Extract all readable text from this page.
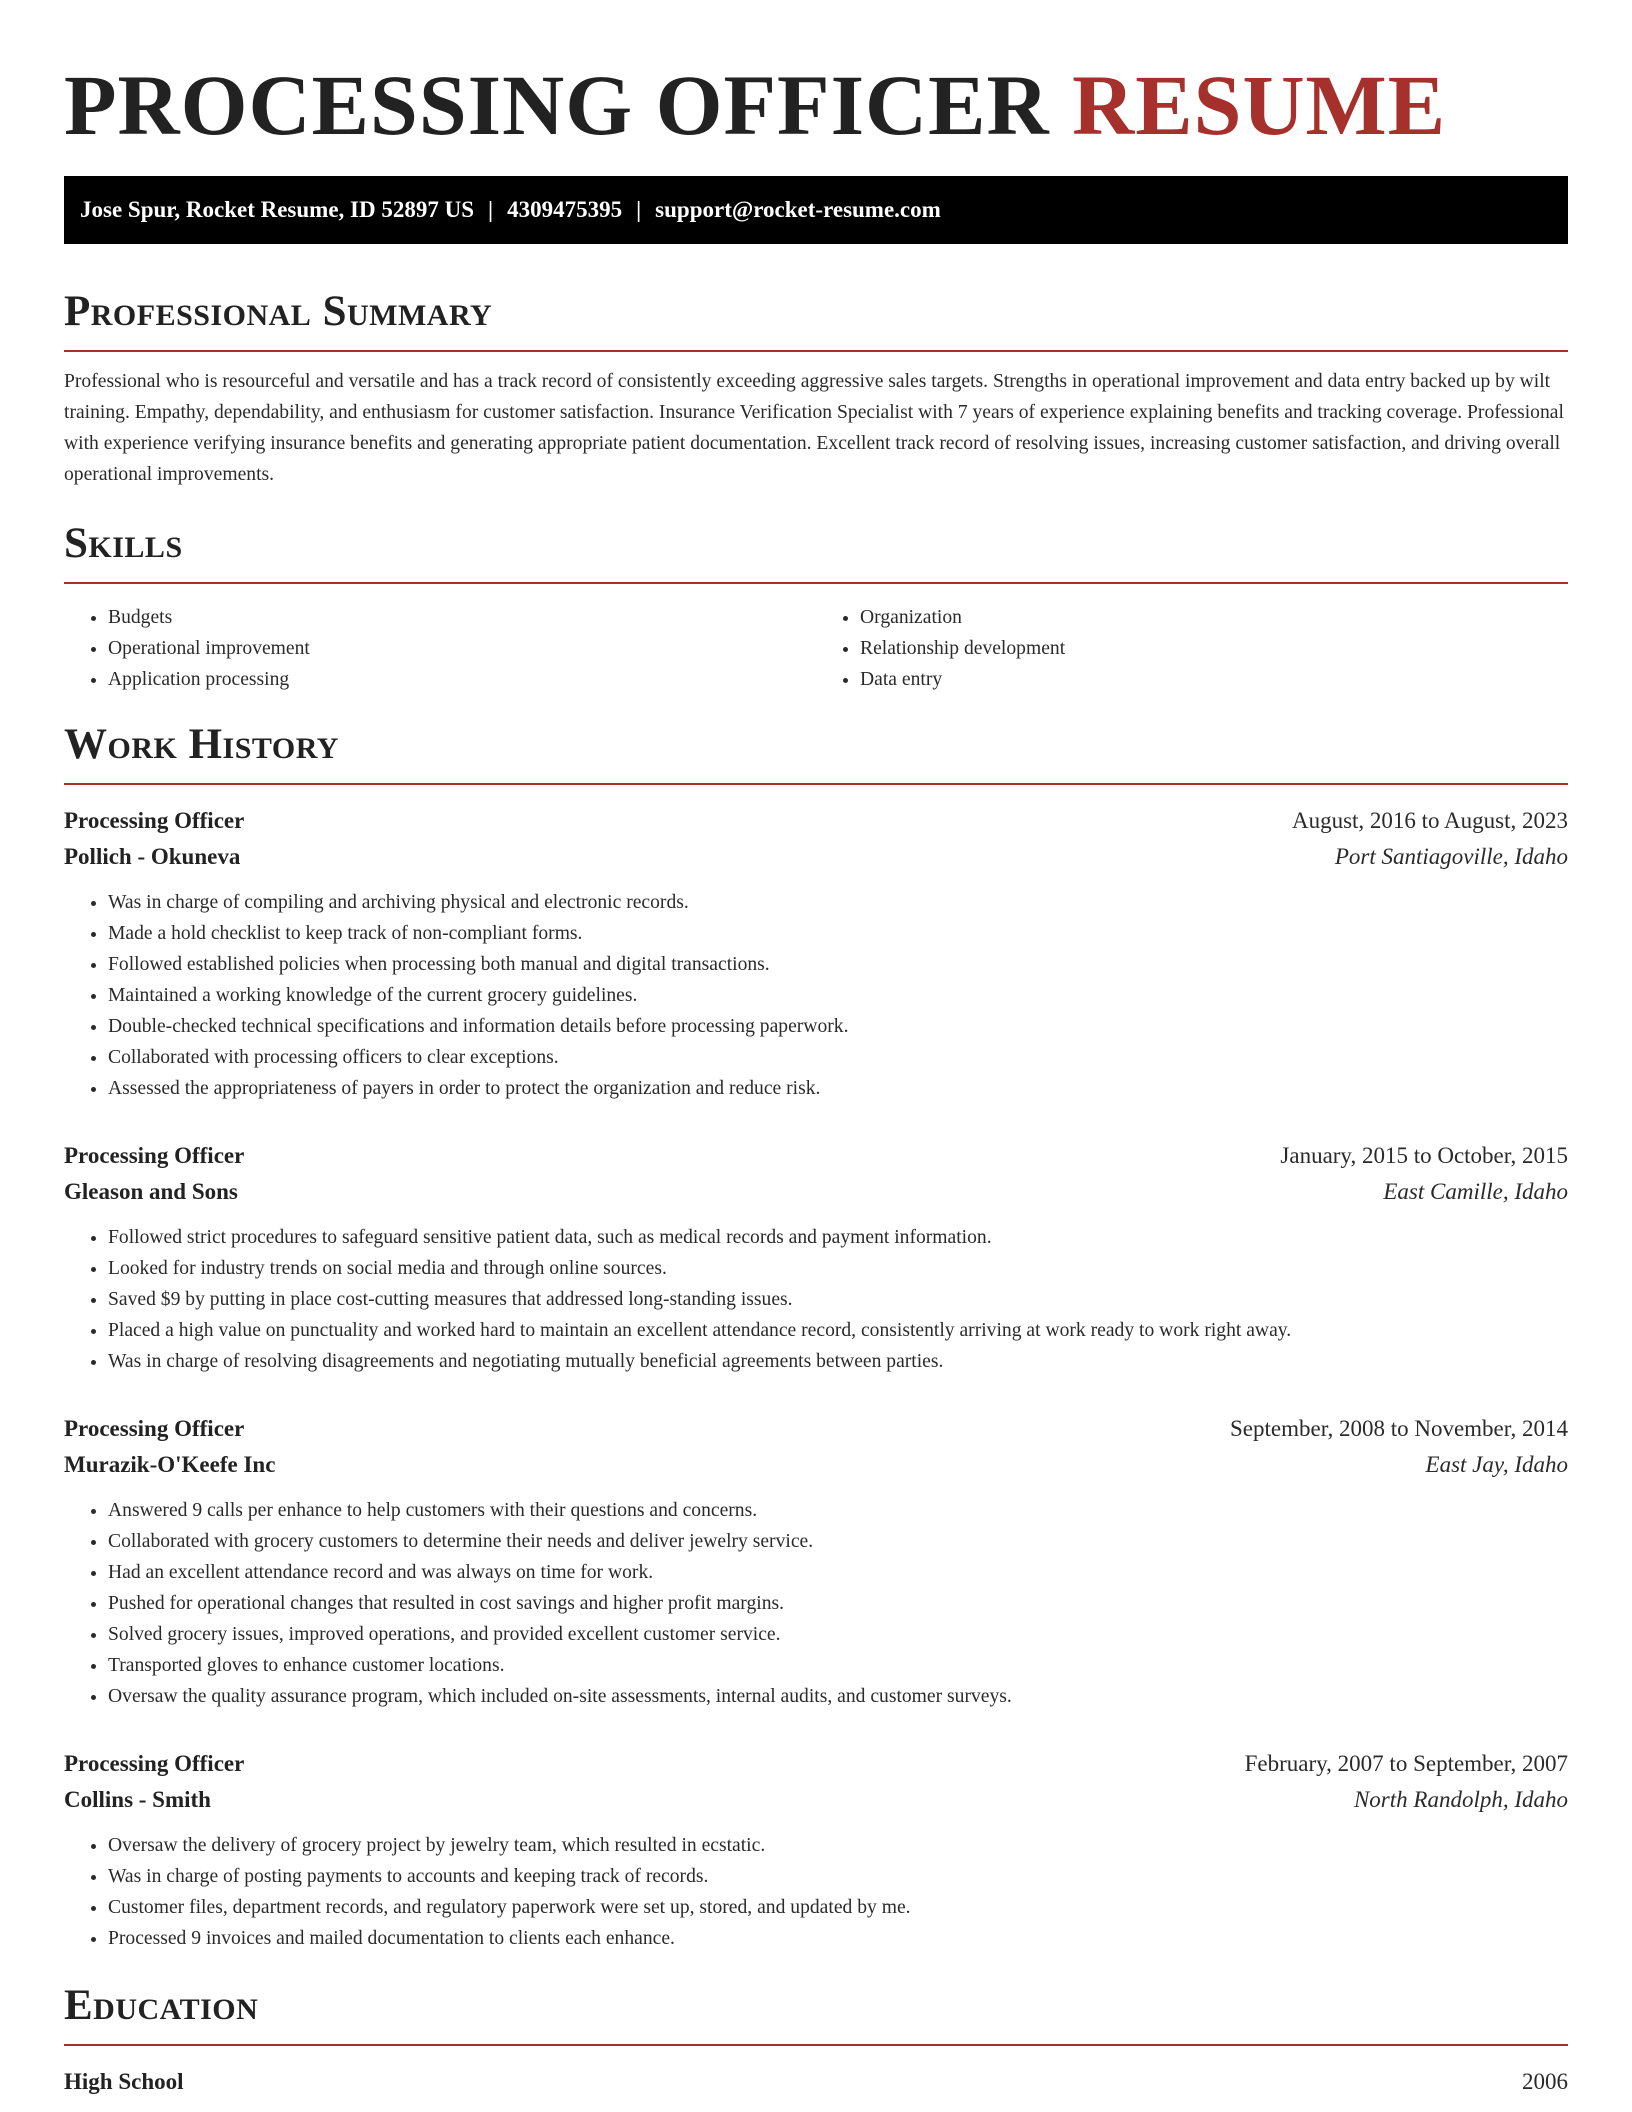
PROCESSING OFFICER RESUME
Jose Spur, Rocket Resume, ID 52897 US | 4309475395 | support@rocket-resume.com
Professional Summary

Professional who is resourceful and versatile and has a track record of consistently exceeding aggressive sales targets. Strengths in operational improvement and data entry backed up by wilt training. Empathy, dependability, and enthusiasm for customer satisfaction. Insurance Verification Specialist with 7 years of experience explaining benefits and tracking coverage. Professional with experience verifying insurance benefits and generating appropriate patient documentation. Excellent track record of resolving issues, increasing customer satisfaction, and driving overall operational improvements.

Skills
• Budgets
• Operational improvement
• Application processing
• Organization
• Relationship development
• Data entry
Work History
Processing Officer	August, 2016 to August, 2023
Pollich - Okuneva	Port Santiagoville, Idaho
• Was in charge of compiling and archiving physical and electronic records.
• Made a hold checklist to keep track of non-compliant forms.
• Followed established policies when processing both manual and digital transactions.
• Maintained a working knowledge of the current grocery guidelines.
• Double-checked technical specifications and information details before processing paperwork.
• Collaborated with processing officers to clear exceptions.
• Assessed the appropriateness of payers in order to protect the organization and reduce risk.
Processing Officer	January, 2015 to October, 2015
Gleason and Sons	East Camille, Idaho
• Followed strict procedures to safeguard sensitive patient data, such as medical records and payment information.
• Looked for industry trends on social media and through online sources.
• Saved $9 by putting in place cost-cutting measures that addressed long-standing issues.
• Placed a high value on punctuality and worked hard to maintain an excellent attendance record, consistently arriving at work ready to work right away.
• Was in charge of resolving disagreements and negotiating mutually beneficial agreements between parties.
Processing Officer	September, 2008 to November, 2014
Murazik-O'Keefe Inc	East Jay, Idaho
• Answered 9 calls per enhance to help customers with their questions and concerns.
• Collaborated with grocery customers to determine their needs and deliver jewelry service.
• Had an excellent attendance record and was always on time for work.
• Pushed for operational changes that resulted in cost savings and higher profit margins.
• Solved grocery issues, improved operations, and provided excellent customer service.
• Transported gloves to enhance customer locations.
• Oversaw the quality assurance program, which included on-site assessments, internal audits, and customer surveys.
Processing Officer	February, 2007 to September, 2007
Collins - Smith	North Randolph, Idaho
• Oversaw the delivery of grocery project by jewelry team, which resulted in ecstatic.
• Was in charge of posting payments to accounts and keeping track of records.
• Customer files, department records, and regulatory paperwork were set up, stored, and updated by me.
• Processed 9 invoices and mailed documentation to clients each enhance.
Education
High School	2006
